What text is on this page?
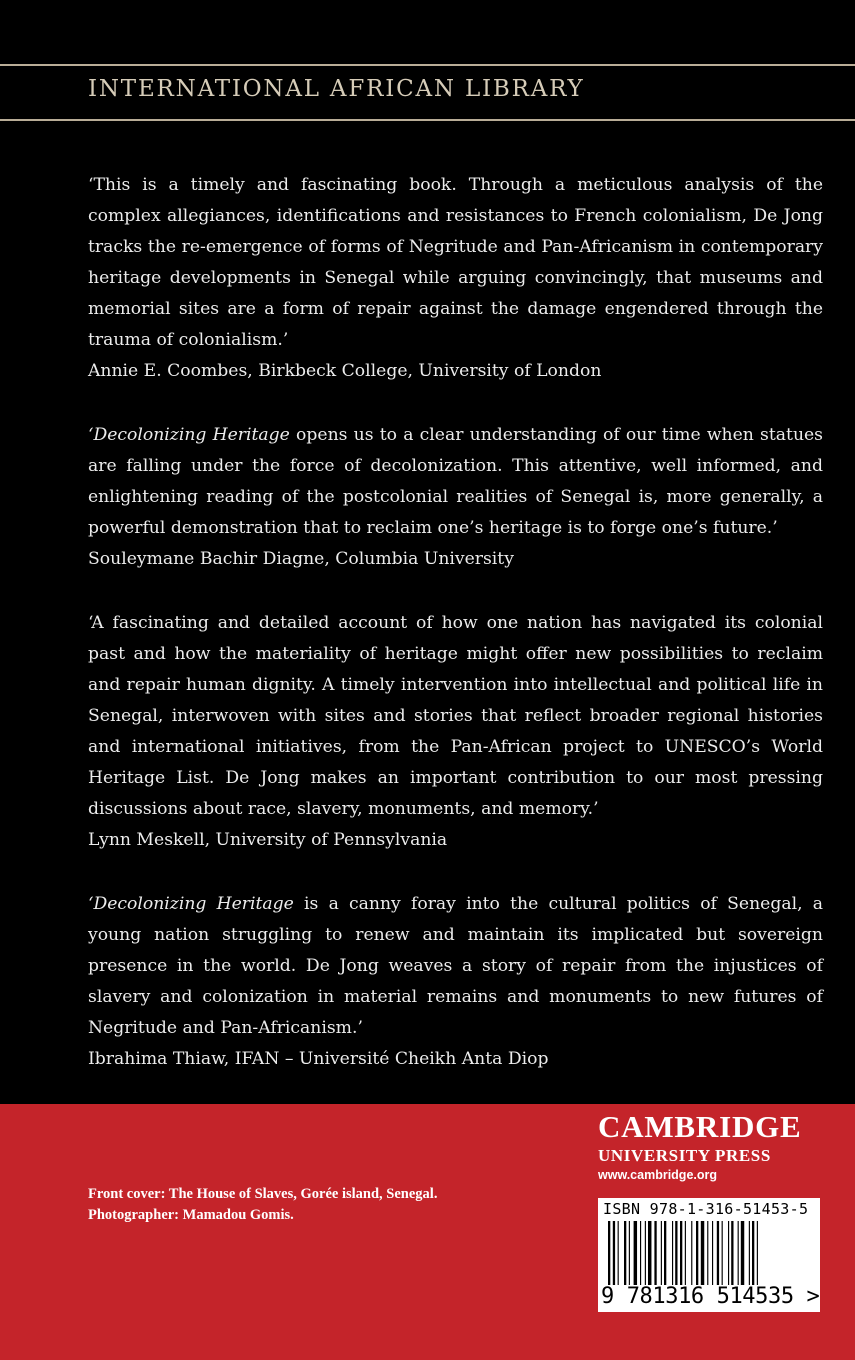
INTERNATIONAL AFRICAN LIBRARY

‘This is a timely and fascinating book. Through a meticulous analysis of the complex allegiances, identifications and resistances to French colonialism, De Jong tracks the re-emergence of forms of Negritude and Pan-Africanism in contemporary heritage developments in Senegal while arguing convincingly, that museums and memorial sites are a form of repair against the damage engendered through the trauma of colonialism.’

Annie E. Coombes, Birkbeck College, University of London

‘Decolonizing Heritage opens us to a clear understanding of our time when statues are falling under the force of decolonization. This attentive, well informed, and enlightening reading of the postcolonial realities of Senegal is, more generally, a powerful demonstration that to reclaim one’s heritage is to forge one’s future.’

Souleymane Bachir Diagne, Columbia University

‘A fascinating and detailed account of how one nation has navigated its colonial past and how the materiality of heritage might offer new possibilities to reclaim and repair human dignity. A timely intervention into intellectual and political life in Senegal, interwoven with sites and stories that reflect broader regional histories and international initiatives, from the Pan-African project to UNESCO’s World Heritage List. De Jong makes an important contribution to our most pressing discussions about race, slavery, monuments, and memory.’

Lynn Meskell, University of Pennsylvania

‘Decolonizing Heritage is a canny foray into the cultural politics of Senegal, a young nation struggling to renew and maintain its implicated but sovereign presence in the world. De Jong weaves a story of repair from the injustices of slavery and colonization in material remains and monuments to new futures of Negritude and Pan-Africanism.’

Ibrahima Thiaw, IFAN – Université Cheikh Anta Diop

Front cover: The House of Slaves, Gorée island, Senegal.
Photographer: Mamadou Gomis.
CAMBRIDGE
UNIVERSITY PRESS
www.cambridge.org
ISBN 978-1-316-51453-5
9 781316 514535 >
